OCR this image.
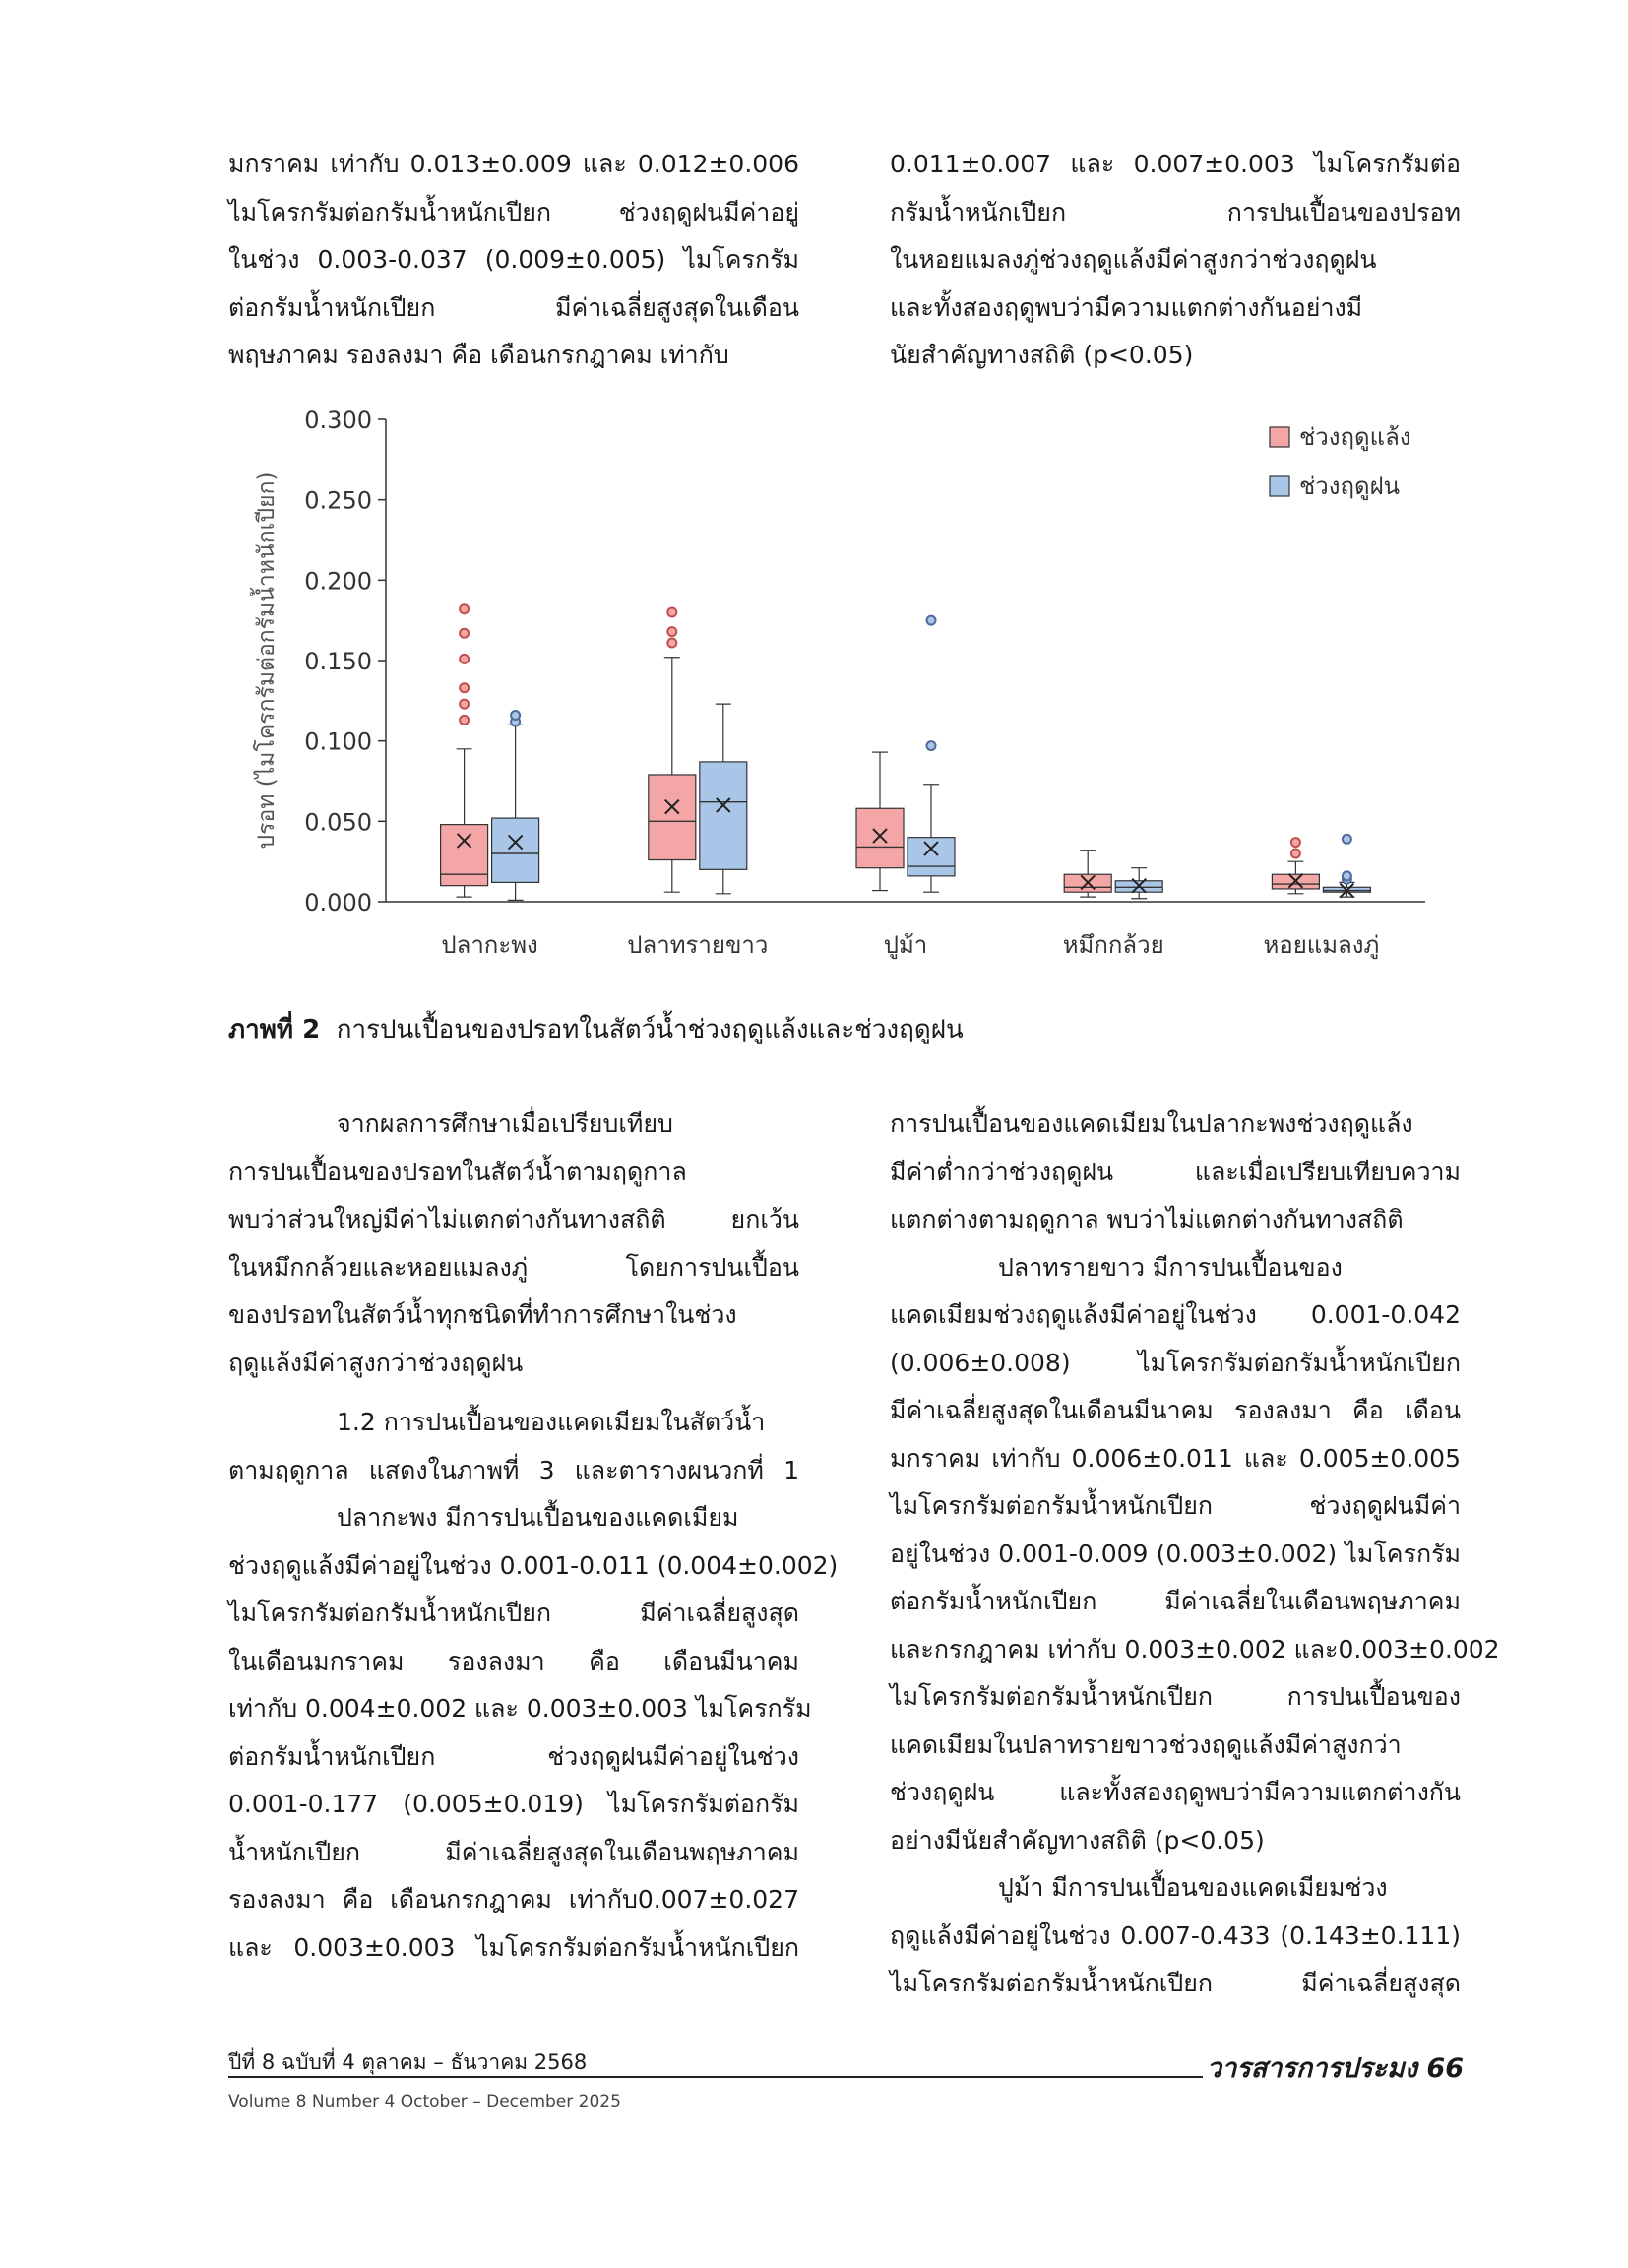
มกราคม เท่ากับ 0.013±0.009 และ 0.012±0.006
ไมโครกรัมต่อกรัมน้ำหนักเปียก ช่วงฤดูฝนมีค่าอยู่
ในช่วง 0.003-0.037 (0.009±0.005) ไมโครกรัม
ต่อกรัมน้ำหนักเปียก มีค่าเฉลี่ยสูงสุดในเดือน
พฤษภาคม รองลงมา คือ เดือนกรกฎาคม เท่ากับ
0.011±0.007 และ 0.007±0.003 ไมโครกรัมต่อ
กรัมน้ำหนักเปียก การปนเปื้อนของปรอท
ในหอยแมลงภู่ช่วงฤดูแล้งมีค่าสูงกว่าช่วงฤดูฝน
และทั้งสองฤดูพบว่ามีความแตกต่างกันอย่างมี
นัยสำคัญทางสถิติ (p<0.05)
0.000
0.050
0.100
0.150
0.200
0.250
0.300
ปรอท (ไมโครกรัมต่อกรัมน้ำหนักเปียก)
ปลากะพง	ปลาทรายขาว	ปูม้า	หมึกกล้วย	หอยแมลงภู่
ช่วงฤดูแล้ง
ช่วงฤดูฝน
ภาพที่ 2 การปนเปื้อนของปรอทในสัตว์น้ำช่วงฤดูแล้งและช่วงฤดูฝน
จากผลการศึกษาเมื่อเปรียบเทียบ
การปนเปื้อนของปรอทในสัตว์น้ำตามฤดูกาล
พบว่าส่วนใหญ่มีค่าไม่แตกต่างกันทางสถิติ ยกเว้น
ในหมึกกล้วยและหอยแมลงภู่ โดยการปนเปื้อน
ของปรอทในสัตว์น้ำทุกชนิดที่ทำการศึกษาในช่วง
ฤดูแล้งมีค่าสูงกว่าช่วงฤดูฝน
1.2 การปนเปื้อนของแคดเมียมในสัตว์น้ำ
ตามฤดูกาล แสดงในภาพที่ 3 และตารางผนวกที่ 1
ปลากะพง มีการปนเปื้อนของแคดเมียม
ช่วงฤดูแล้งมีค่าอยู่ในช่วง 0.001-0.011 (0.004±0.002)
ไมโครกรัมต่อกรัมน้ำหนักเปียก มีค่าเฉลี่ยสูงสุด
ในเดือนมกราคม รองลงมา คือ เดือนมีนาคม
เท่ากับ 0.004±0.002 และ 0.003±0.003 ไมโครกรัม
ต่อกรัมน้ำหนักเปียก ช่วงฤดูฝนมีค่าอยู่ในช่วง
0.001-0.177 (0.005±0.019) ไมโครกรัมต่อกรัม
น้ำหนักเปียก มีค่าเฉลี่ยสูงสุดในเดือนพฤษภาคม
รองลงมา คือ เดือนกรกฎาคม เท่ากับ0.007±0.027
และ 0.003±0.003 ไมโครกรัมต่อกรัมน้ำหนักเปียก
การปนเปื้อนของแคดเมียมในปลากะพงช่วงฤดูแล้ง
มีค่าต่ำกว่าช่วงฤดูฝน และเมื่อเปรียบเทียบความ
แตกต่างตามฤดูกาล พบว่าไม่แตกต่างกันทางสถิติ
ปลาทรายขาว มีการปนเปื้อนของ
แคดเมียมช่วงฤดูแล้งมีค่าอยู่ในช่วง 0.001-0.042
(0.006±0.008) ไมโครกรัมต่อกรัมน้ำหนักเปียก
มีค่าเฉลี่ยสูงสุดในเดือนมีนาคม รองลงมา คือ เดือน
มกราคม เท่ากับ 0.006±0.011 และ 0.005±0.005
ไมโครกรัมต่อกรัมน้ำหนักเปียก ช่วงฤดูฝนมีค่า
อยู่ในช่วง 0.001-0.009 (0.003±0.002) ไมโครกรัม
ต่อกรัมน้ำหนักเปียก มีค่าเฉลี่ยในเดือนพฤษภาคม
และกรกฎาคม เท่ากับ 0.003±0.002 และ0.003±0.002
ไมโครกรัมต่อกรัมน้ำหนักเปียก การปนเปื้อนของ
แคดเมียมในปลาทรายขาวช่วงฤดูแล้งมีค่าสูงกว่า
ช่วงฤดูฝน และทั้งสองฤดูพบว่ามีความแตกต่างกัน
อย่างมีนัยสำคัญทางสถิติ (p<0.05)
ปูม้า มีการปนเปื้อนของแคดเมียมช่วง
ฤดูแล้งมีค่าอยู่ในช่วง 0.007-0.433 (0.143±0.111)
ไมโครกรัมต่อกรัมน้ำหนักเปียก มีค่าเฉลี่ยสูงสุด
ปีที่ 8 ฉบับที่ 4 ตุลาคม – ธันวาคม 2568	วารสารการประมง 66
Volume 8 Number 4 October – December 2025
